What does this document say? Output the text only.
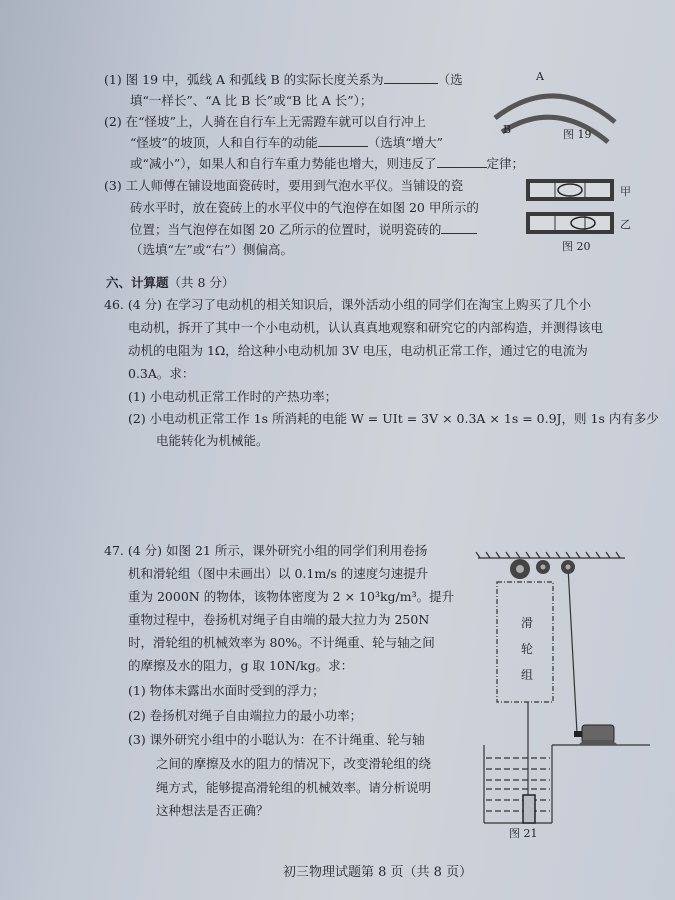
(1) 图 19 中，弧线 A 和弧线 B 的实际长度关系为	（选
填“一样长”、“A 比 B 长”或“B 比 A 长”）；
(2) 在“怪坡”上，人骑在自行车上无需蹬车就可以自行冲上
“怪坡”的坡顶，人和自行车的动能	（选填“增大”
或“减小”），如果人和自行车重力势能也增大，则违反了	定律；
(3) 工人师傅在铺设地面瓷砖时，要用到气泡水平仪。当铺设的瓷
砖水平时，放在瓷砖上的水平仪中的气泡停在如图 20 甲所示的
位置；当气泡停在如图 20 乙所示的位置时，说明瓷砖的
（选填“左”或“右”）侧偏高。
A
B	图 19
甲
乙
图 20
六、计算题（共 8 分）
46. (4 分) 在学习了电动机的相关知识后，课外活动小组的同学们在淘宝上购买了几个小
电动机，拆开了其中一个小电动机，认认真真地观察和研究它的内部构造，并测得该电
动机的电阻为 1Ω，给这种小电动机加 3V 电压，电动机正常工作，通过它的电流为
0.3A。求：
(1) 小电动机正常工作时的产热功率；
(2) 小电动机正常工作 1s 所消耗的电能 W = UIt = 3V × 0.3A × 1s = 0.9J，则 1s 内有多少
电能转化为机械能。
47. (4 分) 如图 21 所示，课外研究小组的同学们利用卷扬
机和滑轮组（图中未画出）以 0.1m/s 的速度匀速提升
重为 2000N 的物体，该物体密度为 2 × 10³kg/m³。提升
重物过程中，卷扬机对绳子自由端的最大拉力为 250N
时，滑轮组的机械效率为 80%。不计绳重、轮与轴之间
的摩擦及水的阻力，g 取 10N/kg。求：
(1) 物体未露出水面时受到的浮力；
(2) 卷扬机对绳子自由端拉力的最小功率；
(3) 课外研究小组中的小聪认为：在不计绳重、轮与轴
之间的摩擦及水的阻力的情况下，改变滑轮组的绕
绳方式，能够提高滑轮组的机械效率。请分析说明
这种想法是否正确？
滑
轮
组
图 21
初三物理试题第 8 页（共 8 页）
